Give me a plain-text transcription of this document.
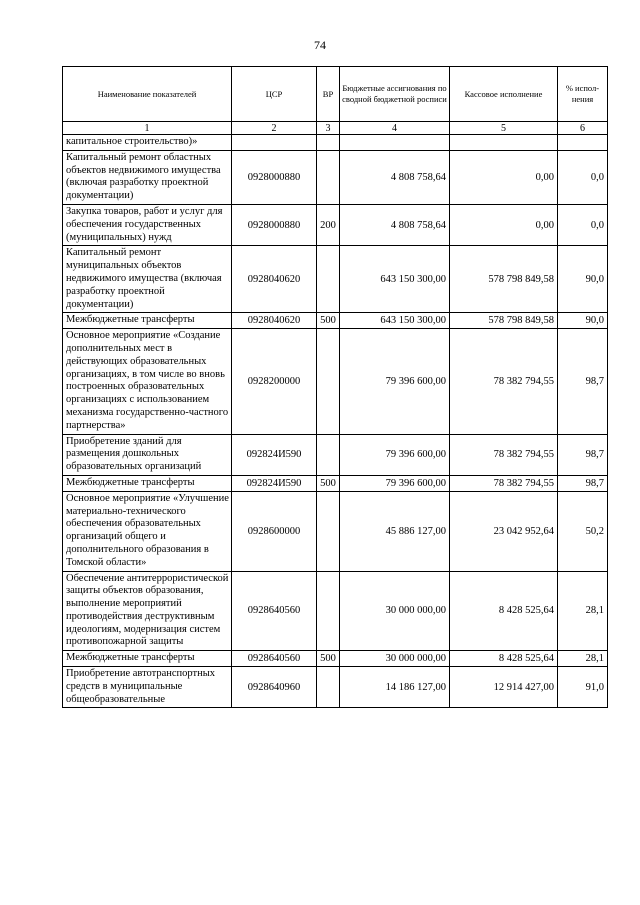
74
Наименование показателей	ЦСР	ВР	Бюджетные ассигнования по сводной бюджетной росписи	Кассовое исполнение	% испол-нения
1	2	3	4	5	6
капитальное строительство)»					
Капитальный ремонт областных объектов недвижимого имущества (включая разработку проектной документации)	0928000880		4 808 758,64	0,00	0,0
Закупка товаров, работ и услуг для обеспечения государственных (муниципальных) нужд	0928000880	200	4 808 758,64	0,00	0,0
Капитальный ремонт муниципальных объектов недвижимого имущества (включая разработку проектной документации)	0928040620		643 150 300,00	578 798 849,58	90,0
Межбюджетные трансферты	0928040620	500	643 150 300,00	578 798 849,58	90,0
Основное мероприятие «Создание дополнительных мест в действующих образовательных организациях, в том числе во вновь построенных образовательных организациях с использованием механизма государственно-частного партнерства»	0928200000		79 396 600,00	78 382 794,55	98,7
Приобретение зданий для размещения дошкольных образовательных организаций	092824И590		79 396 600,00	78 382 794,55	98,7
Межбюджетные трансферты	092824И590	500	79 396 600,00	78 382 794,55	98,7
Основное мероприятие «Улучшение материально-технического обеспечения образовательных организаций общего и дополнительного образования в Томской области»	0928600000		45 886 127,00	23 042 952,64	50,2
Обеспечение антитеррористической защиты объектов образования, выполнение мероприятий противодействия деструктивным идеологиям, модернизация систем противопожарной защиты	0928640560		30 000 000,00	8 428 525,64	28,1
Межбюджетные трансферты	0928640560	500	30 000 000,00	8 428 525,64	28,1
Приобретение автотранспортных средств в муниципальные общеобразовательные	0928640960		14 186 127,00	12 914 427,00	91,0
